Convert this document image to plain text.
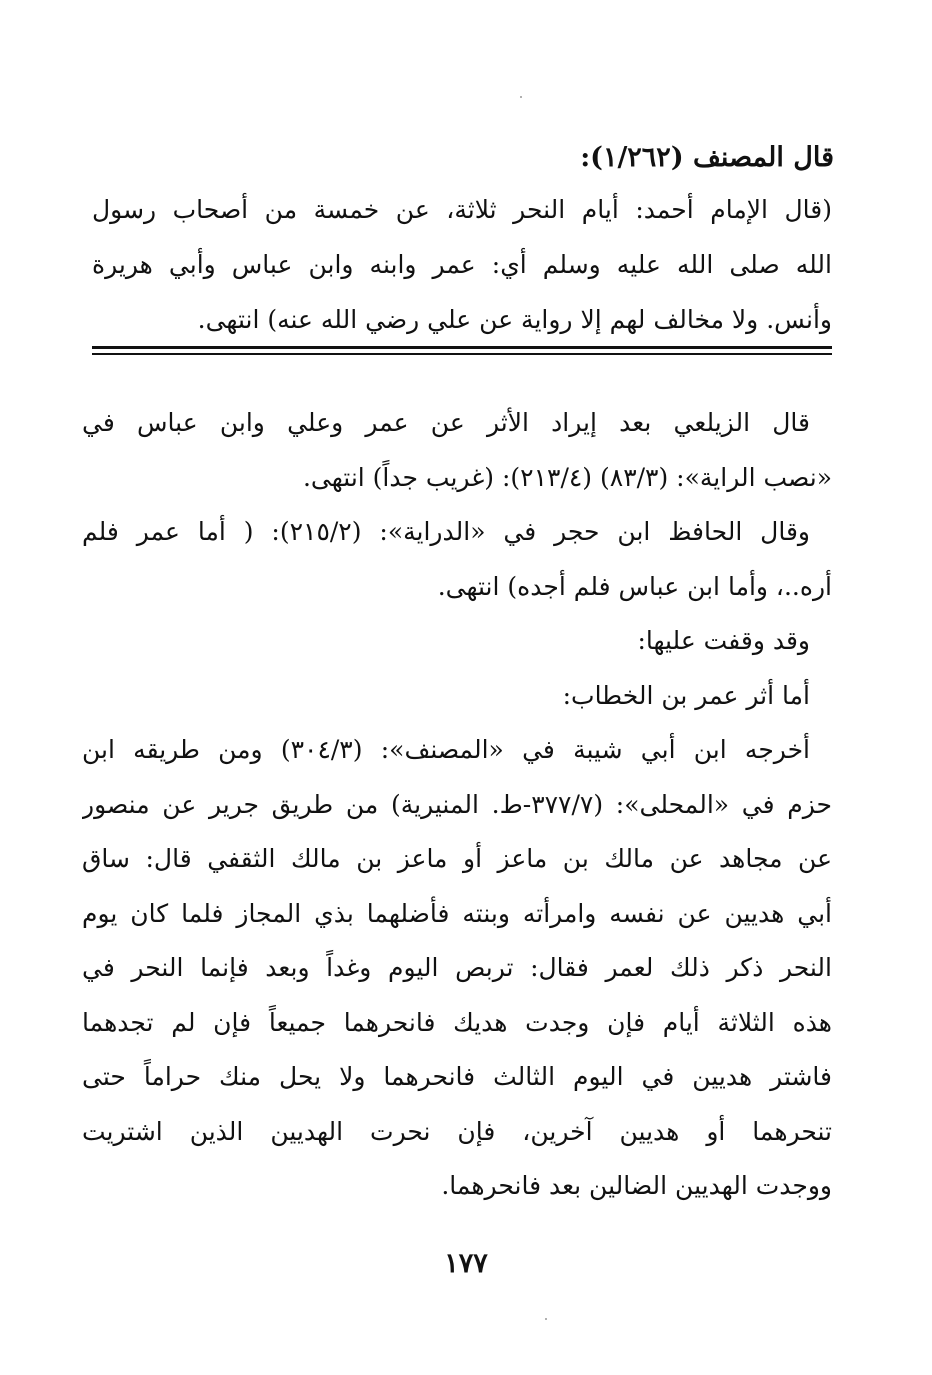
قال المصنف (١/٢٦٢):
(قال الإمام أحمد: أيام النحر ثلاثة، عن خمسة من أصحاب رسول
الله صلى الله عليه وسلم أي: عمر وابنه وابن عباس وأبي هريرة
وأنس. ولا مخالف لهم إلا رواية عن علي رضي الله عنه) انتهى.
قال الزيلعي بعد إيراد الأثر عن عمر وعلي وابن عباس في
«نصب الراية»: (٨٣/٣) (٢١٣/٤): (غريب جداً) انتهى.
وقال الحافظ ابن حجر في «الدراية»: (٢١٥/٢): ( أما عمر فلم
أره..، وأما ابن عباس فلم أجده) انتهى.
وقد وقفت عليها:
أما أثر عمر بن الخطاب:
أخرجه ابن أبي شيبة في «المصنف»: (٣٠٤/٣) ومن طريقه ابن
حزم في «المحلى»: (٣٧٧/٧-ط. المنيرية) من طريق جرير عن منصور
عن مجاهد عن مالك بن ماعز أو ماعز بن مالك الثقفي قال: ساق
أبي هديين عن نفسه وامرأته وبنته فأضلهما بذي المجاز فلما كان يوم
النحر ذكر ذلك لعمر فقال: تربص اليوم وغداً وبعد فإنما النحر في
هذه الثلاثة أيام فإن وجدت هديك فانحرهما جميعاً فإن لم تجدهما
فاشتر هديين في اليوم الثالث فانحرهما ولا يحل منك حراماً حتى
تنحرهما أو هديين آخرين، فإن نحرت الهديين الذين اشتريت
ووجدت الهديين الضالين بعد فانحرهما.
١٧٧
